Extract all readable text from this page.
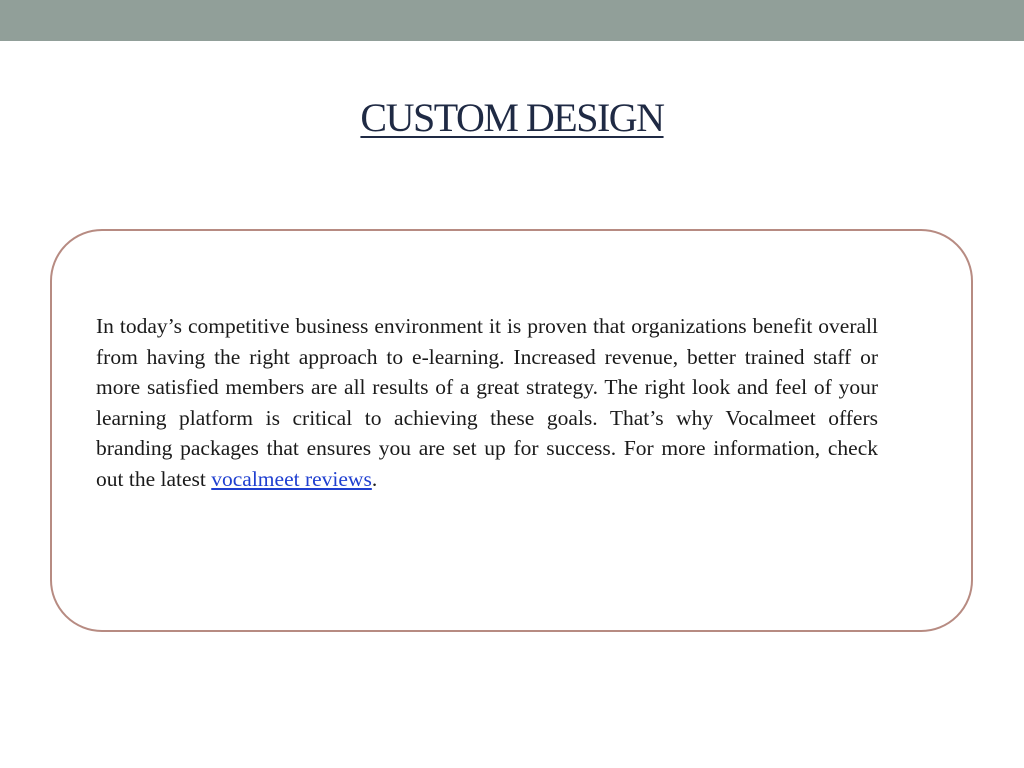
CUSTOM DESIGN

In today’s competitive business environment it is proven that organizations benefit overall from having the right approach to e-learning. Increased revenue, better trained staff or more satisfied members are all results of a great strategy. The right look and feel of your learning platform is critical to achieving these goals. That’s why Vocalmeet offers branding packages that ensures you are set up for success. For more information, check out the latest vocalmeet reviews.
